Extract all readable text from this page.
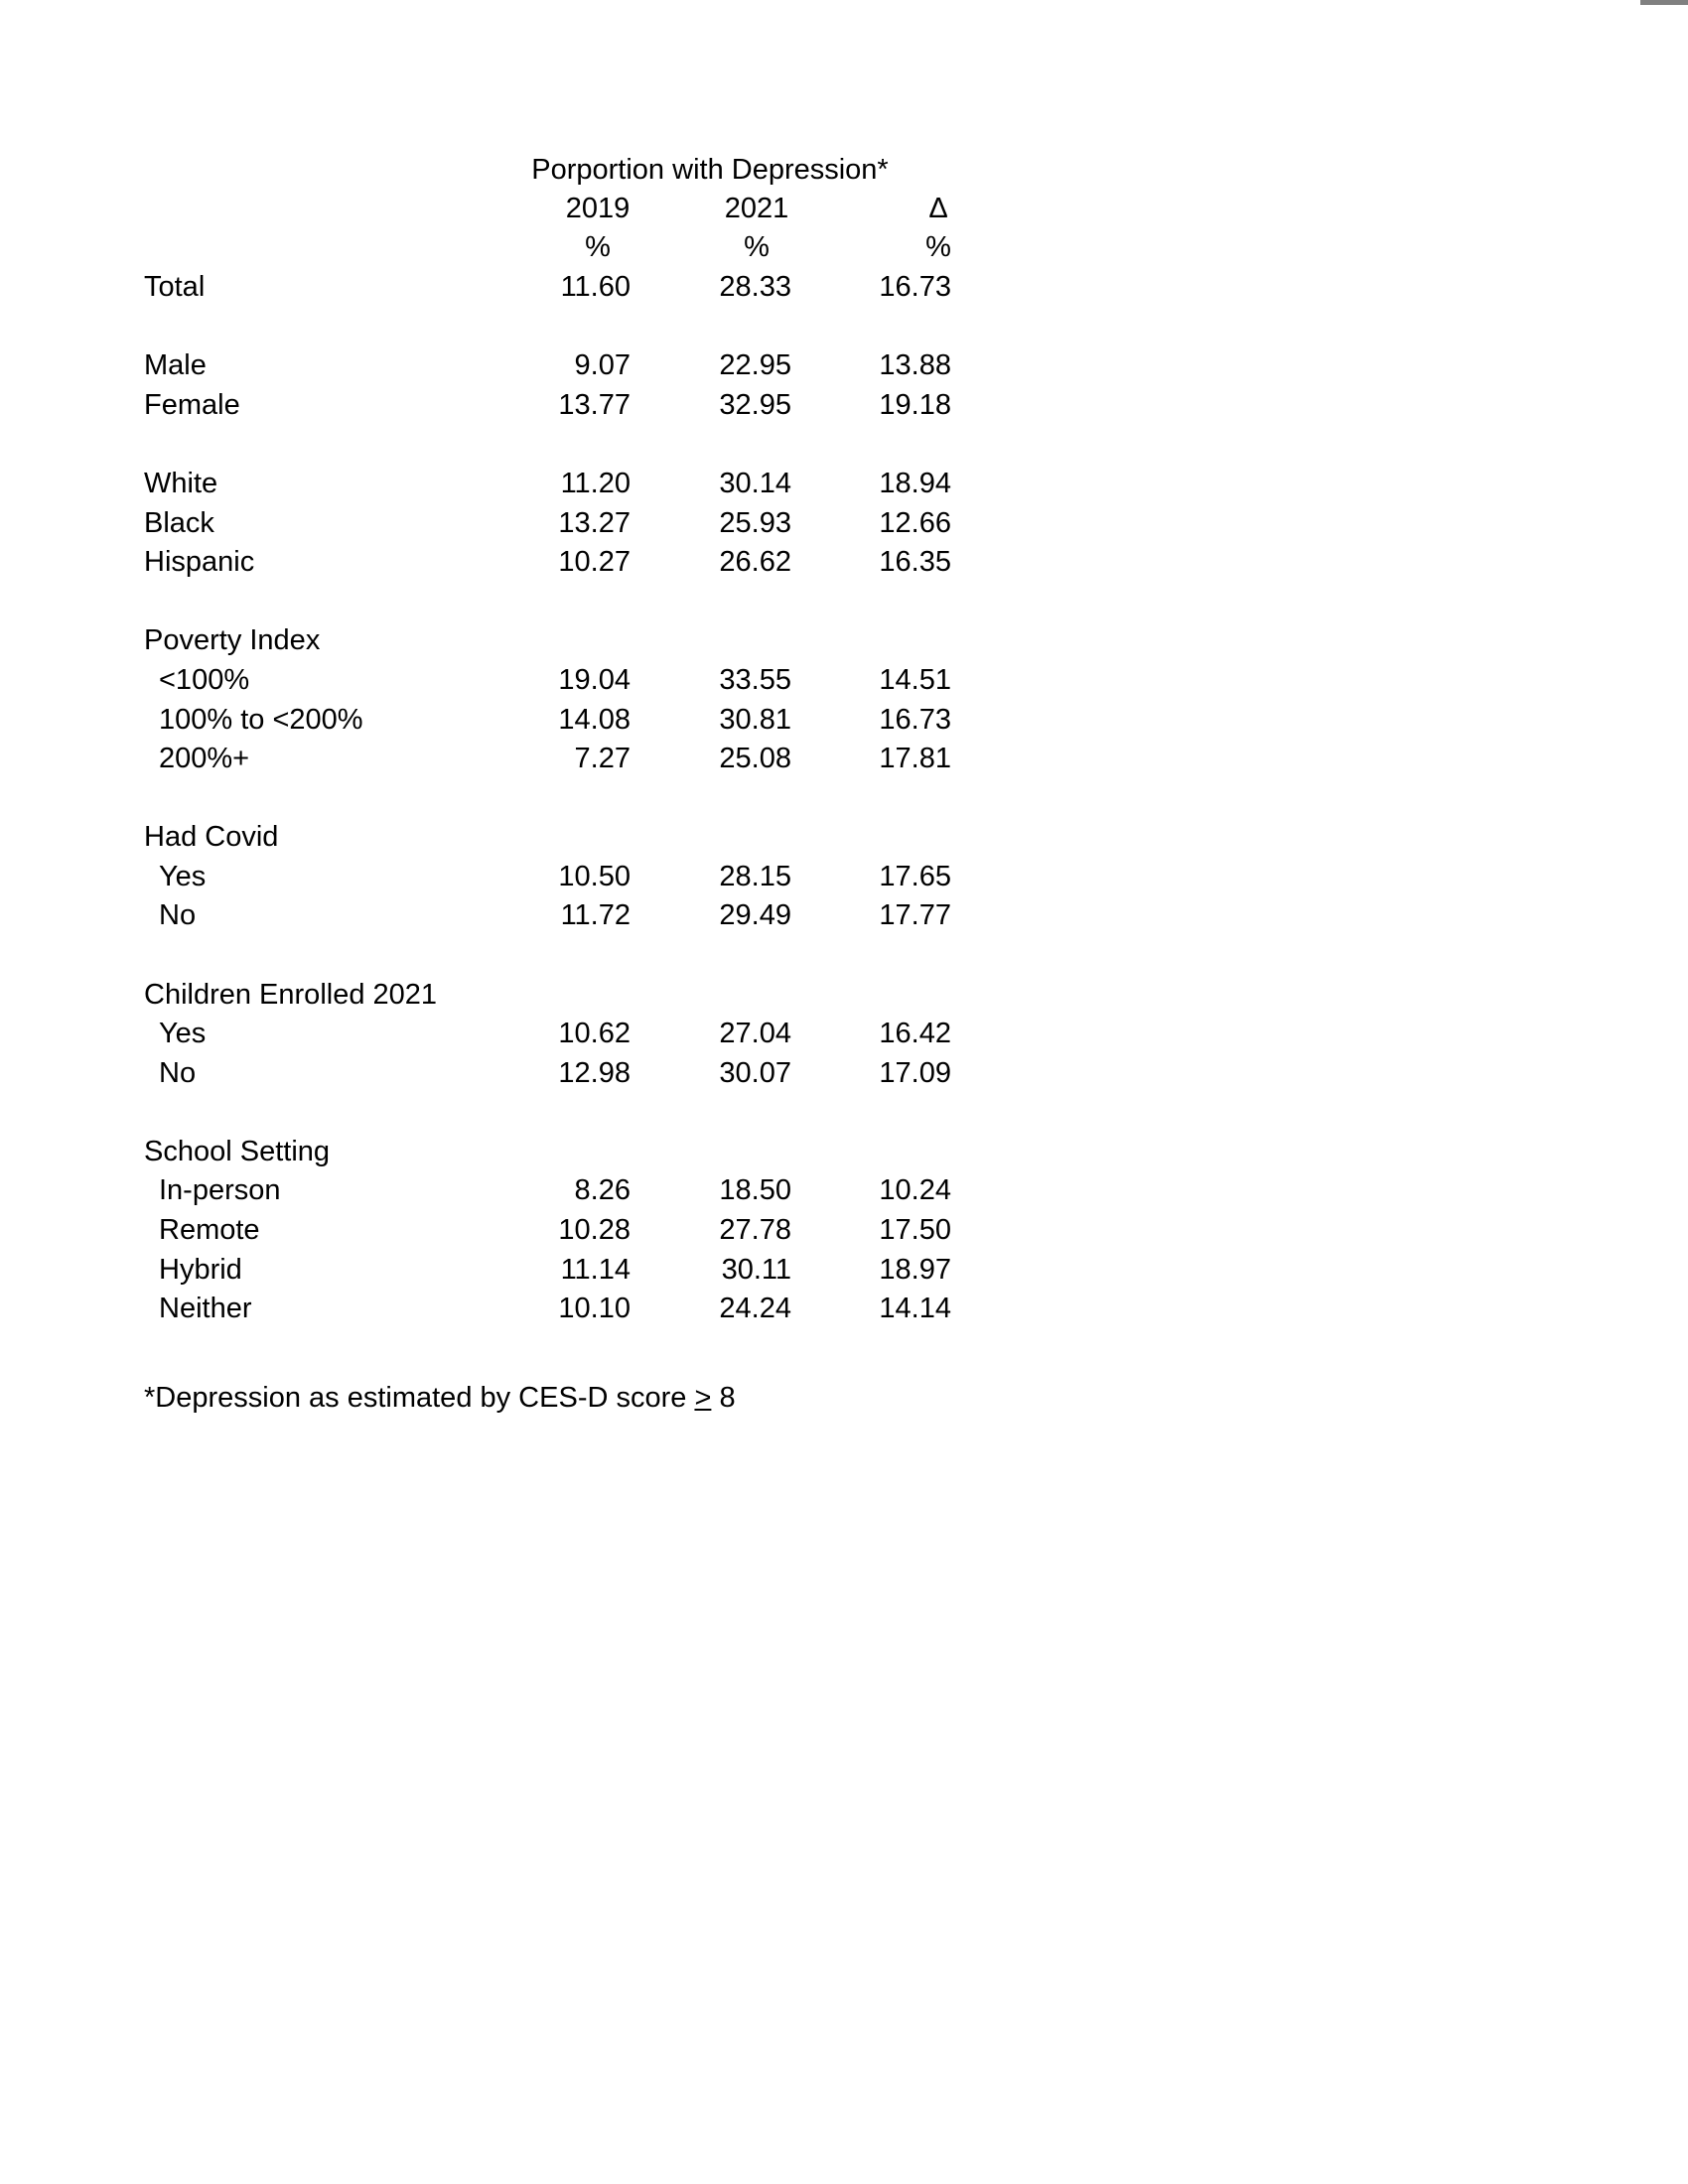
Porportion with Depression*
2019	2021	Δ
%	%	%
Total	11.60	28.33	16.73
Male	9.07	22.95	13.88
Female	13.77	32.95	19.18
White	11.20	30.14	18.94
Black	13.27	25.93	12.66
Hispanic	10.27	26.62	16.35
Poverty Index
<100%	19.04	33.55	14.51
100% to <200%	14.08	30.81	16.73
200%+	7.27	25.08	17.81
Had Covid
Yes	10.50	28.15	17.65
No	11.72	29.49	17.77
Children Enrolled 2021
Yes	10.62	27.04	16.42
No	12.98	30.07	17.09
School Setting
In-person	8.26	18.50	10.24
Remote	10.28	27.78	17.50
Hybrid	11.14	30.11	18.97
Neither	10.10	24.24	14.14
*Depression as estimated by CES-D score ≥ 8
